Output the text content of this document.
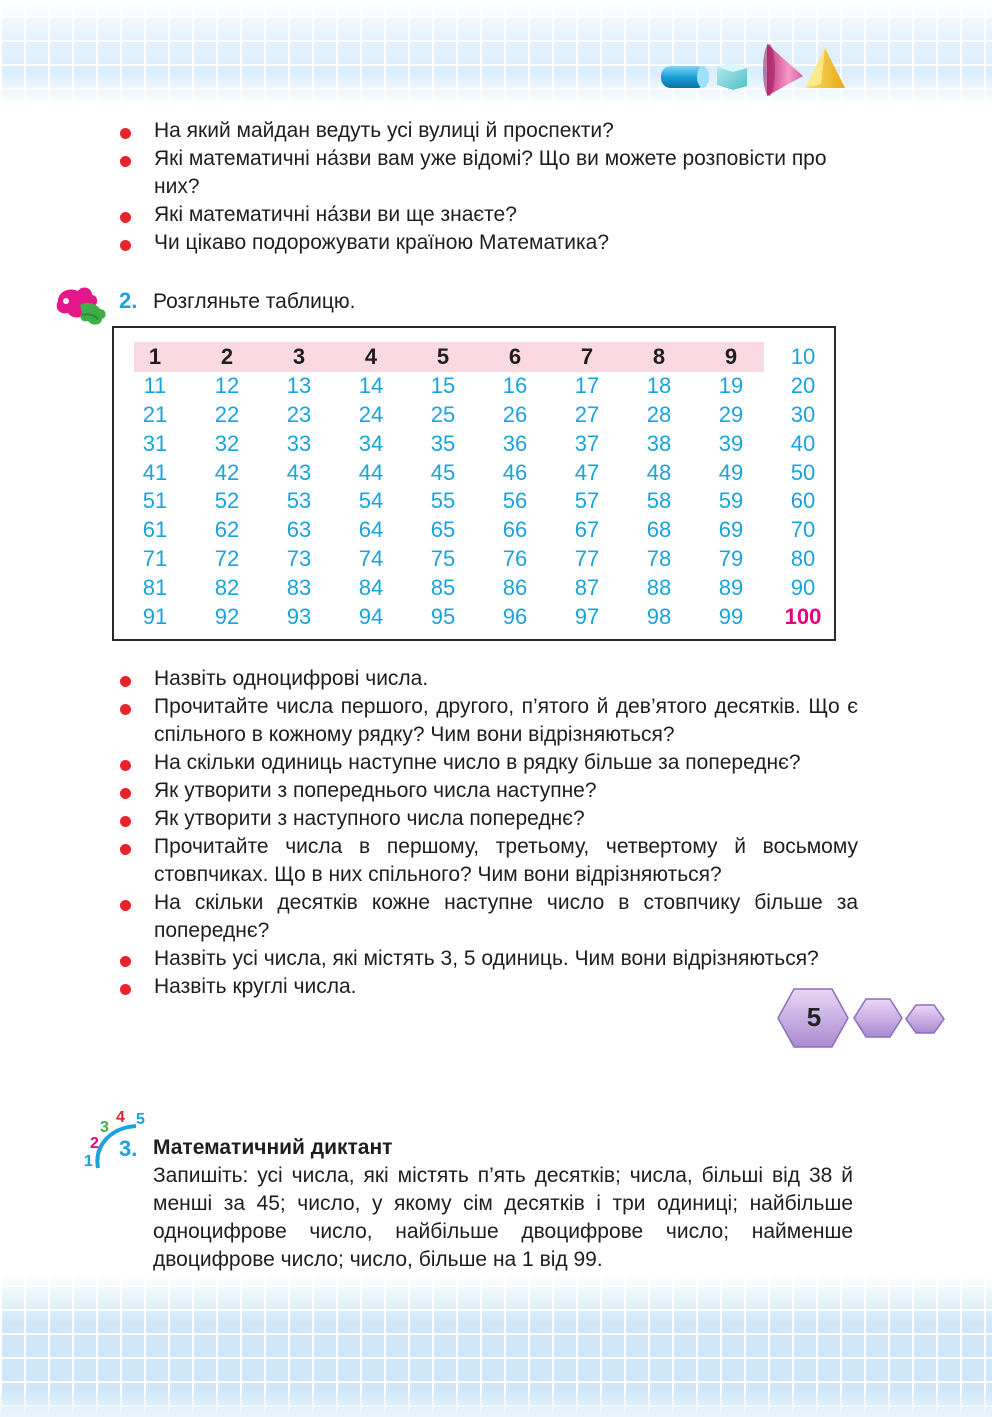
На який майдан ведуть усі вулиці й проспекти?
Які математичні на́зви вам уже відомі? Що ви можете розповісти про них?
Які математичні на́зви ви ще знаєте?
Чи цікаво подорожувати країною Математика?
2. Розгляньте таблицю.
1	2	3	4	5	6	7	8	9	10
11	12	13	14	15	16	17	18	19	20
21	22	23	24	25	26	27	28	29	30
31	32	33	34	35	36	37	38	39	40
41	42	43	44	45	46	47	48	49	50
51	52	53	54	55	56	57	58	59	60
61	62	63	64	65	66	67	68	69	70
71	72	73	74	75	76	77	78	79	80
81	82	83	84	85	86	87	88	89	90
91	92	93	94	95	96	97	98	99	100
Назвіть одноцифрові числа.
Прочитайте числа першого, другого, п’ятого й дев’ятого десятків. Що є спільного в кожному рядку? Чим вони відрізняються?
На скільки одиниць наступне число в рядку більше за попереднє?
Як утворити з попереднього числа наступне?
Як утворити з наступного числа попереднє?
Прочитайте числа в першому, третьому, четвертому й восьмому стовпчиках. Що в них спільного? Чим вони відрізняються?
На скільки десятків кожне наступне число в стовпчику більше за попереднє?
Назвіть усі числа, які містять 3, 5 одиниць. Чим вони відрізняються?
Назвіть круглі числа.
1
2
3
4 5
3. Математичний диктант
Запишіть: усі числа, які містять п’ять десятків; числа, більші від 38 й менші за 45; число, у якому сім десятків і три одиниці; найбільше одноцифрове число, найбільше двоцифрове число; найменше двоцифрове число; число, більше на 1 від 99.
5
